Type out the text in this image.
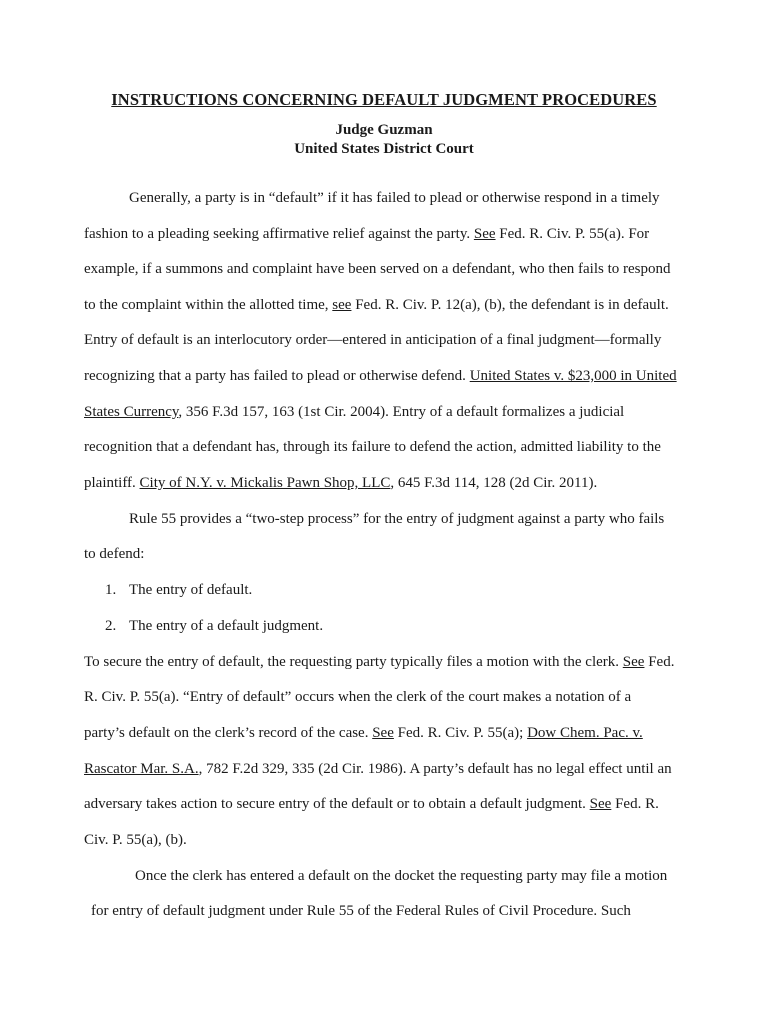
INSTRUCTIONS CONCERNING DEFAULT JUDGMENT PROCEDURES
Judge Guzman
United States District Court
Generally, a party is in “default” if it has failed to plead or otherwise respond in a timely
fashion to a pleading seeking affirmative relief against the party. See Fed. R. Civ. P. 55(a). For
example, if a summons and complaint have been served on a defendant, who then fails to respond
to the complaint within the allotted time, see Fed. R. Civ. P. 12(a), (b), the defendant is in default.
Entry of default is an interlocutory order—entered in anticipation of a final judgment—formally
recognizing that a party has failed to plead or otherwise defend. United States v. $23,000 in United
States Currency, 356 F.3d 157, 163 (1st Cir. 2004). Entry of a default formalizes a judicial
recognition that a defendant has, through its failure to defend the action, admitted liability to the
plaintiff. City of N.Y. v. Mickalis Pawn Shop, LLC, 645 F.3d 114, 128 (2d Cir. 2011).
Rule 55 provides a “two-step process” for the entry of judgment against a party who fails
to defend:
1. The entry of default.
2. The entry of a default judgment.
To secure the entry of default, the requesting party typically files a motion with the clerk. See Fed.
R. Civ. P. 55(a). “Entry of default” occurs when the clerk of the court makes a notation of a
party’s default on the clerk’s record of the case. See Fed. R. Civ. P. 55(a); Dow Chem. Pac. v.
Rascator Mar. S.A., 782 F.2d 329, 335 (2d Cir. 1986). A party’s default has no legal effect until an
adversary takes action to secure entry of the default or to obtain a default judgment. See Fed. R.
Civ. P. 55(a), (b).
Once the clerk has entered a default on the docket the requesting party may file a motion
for entry of default judgment under Rule 55 of the Federal Rules of Civil Procedure. Such
